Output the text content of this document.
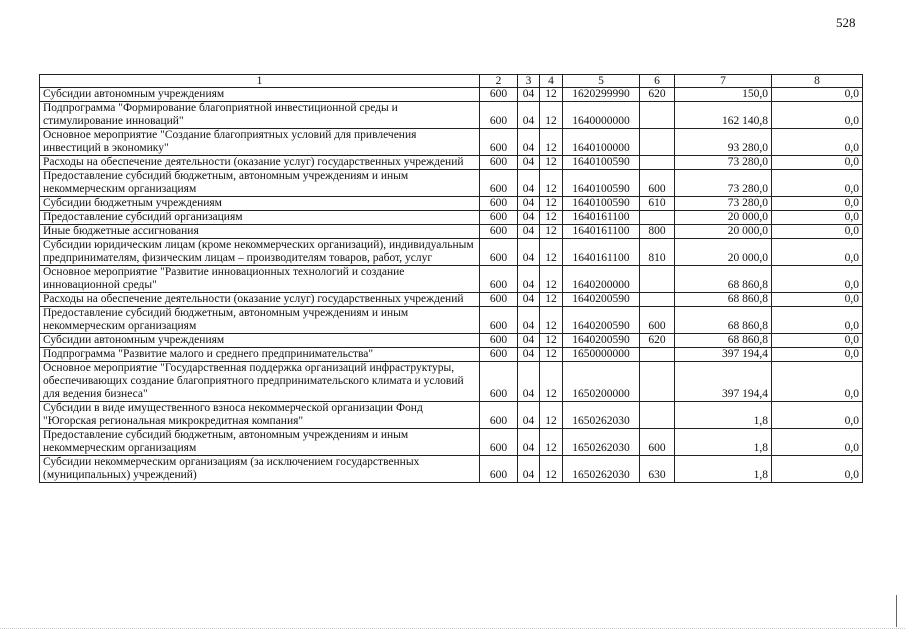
528
1	2	3	4	5	6	7	8
Субсидии автономным учреждениям	600	04	12	1620299990	620	150,0	0,0
Подпрограмма "Формирование благоприятной инвестиционной среды и стимулирование инноваций"	600	04	12	1640000000		162 140,8	0,0
Основное мероприятие "Создание благоприятных условий для привлечения инвестиций в экономику"	600	04	12	1640100000		93 280,0	0,0
Расходы на обеспечение деятельности (оказание услуг) государственных учреждений	600	04	12	1640100590		73 280,0	0,0
Предоставление субсидий бюджетным, автономным учреждениям и иным некоммерческим организациям	600	04	12	1640100590	600	73 280,0	0,0
Субсидии бюджетным учреждениям	600	04	12	1640100590	610	73 280,0	0,0
Предоставление субсидий организациям	600	04	12	1640161100		20 000,0	0,0
Иные бюджетные ассигнования	600	04	12	1640161100	800	20 000,0	0,0
Субсидии юридическим лицам (кроме некоммерческих организаций), индивидуальным предпринимателям, физическим лицам – производителям товаров, работ, услуг	600	04	12	1640161100	810	20 000,0	0,0
Основное мероприятие "Развитие инновационных технологий и создание инновационной среды"	600	04	12	1640200000		68 860,8	0,0
Расходы на обеспечение деятельности (оказание услуг) государственных учреждений	600	04	12	1640200590		68 860,8	0,0
Предоставление субсидий бюджетным, автономным учреждениям и иным некоммерческим организациям	600	04	12	1640200590	600	68 860,8	0,0
Субсидии автономным учреждениям	600	04	12	1640200590	620	68 860,8	0,0
Подпрограмма "Развитие малого и среднего предпринимательства"	600	04	12	1650000000		397 194,4	0,0
Основное мероприятие "Государственная поддержка организаций инфраструктуры, обеспечивающих создание благоприятного предпринимательского климата и условий для ведения бизнеса"	600	04	12	1650200000		397 194,4	0,0
Субсидии в виде имущественного взноса некоммерческой организации Фонд "Югорская региональная микрокредитная компания"	600	04	12	1650262030		1,8	0,0
Предоставление субсидий бюджетным, автономным учреждениям и иным некоммерческим организациям	600	04	12	1650262030	600	1,8	0,0
Субсидии некоммерческим организациям (за исключением государственных (муниципальных) учреждений)	600	04	12	1650262030	630	1,8	0,0
